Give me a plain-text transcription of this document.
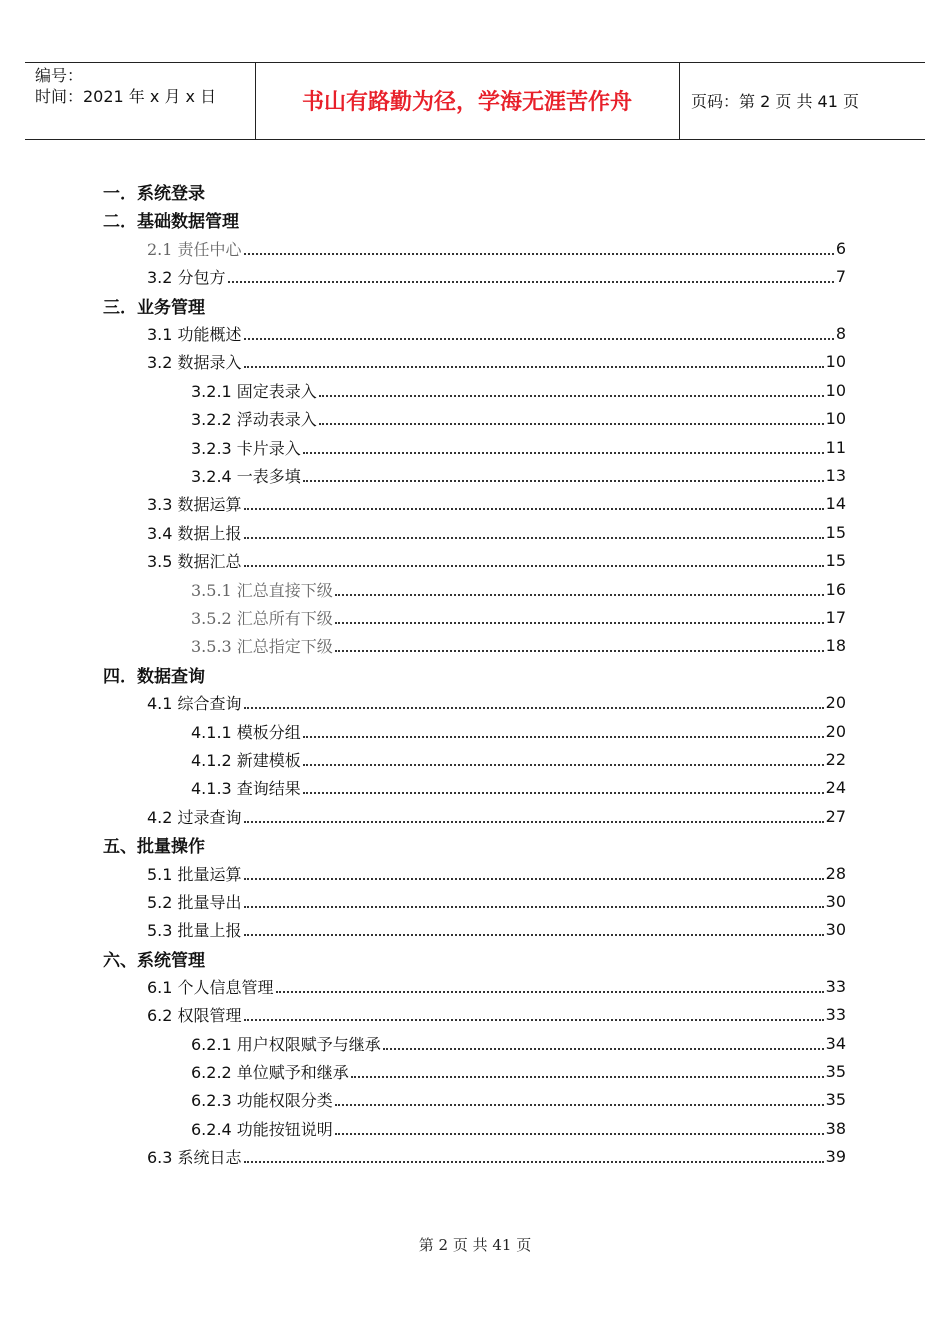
编号：
时间：2021 年 x 月 x 日	书山有路勤为径，学海无涯苦作舟	页码：第 2 页 共 41 页
一．系统登录
二．基础数据管理
2.1 责任中心	6
3.2 分包方	7
三．业务管理
3.1 功能概述	8
3.2 数据录入	10
3.2.1 固定表录入	10
3.2.2 浮动表录入	10
3.2.3 卡片录入	11
3.2.4 一表多填	13
3.3 数据运算	14
3.4 数据上报	15
3.5 数据汇总	15
3.5.1 汇总直接下级	16
3.5.2 汇总所有下级	17
3.5.3 汇总指定下级	18
四．数据查询
4.1 综合查询	20
4.1.1 模板分组	20
4.1.2 新建模板	22
4.1.3 查询结果	24
4.2 过录查询	27
五、批量操作
5.1 批量运算	28
5.2 批量导出	30
5.3 批量上报	30
六、系统管理
6.1 个人信息管理	33
6.2 权限管理	33
6.2.1 用户权限赋予与继承	34
6.2.2 单位赋予和继承	35
6.2.3 功能权限分类	35
6.2.4 功能按钮说明	38
6.3 系统日志	39
第 2 页 共 41 页
